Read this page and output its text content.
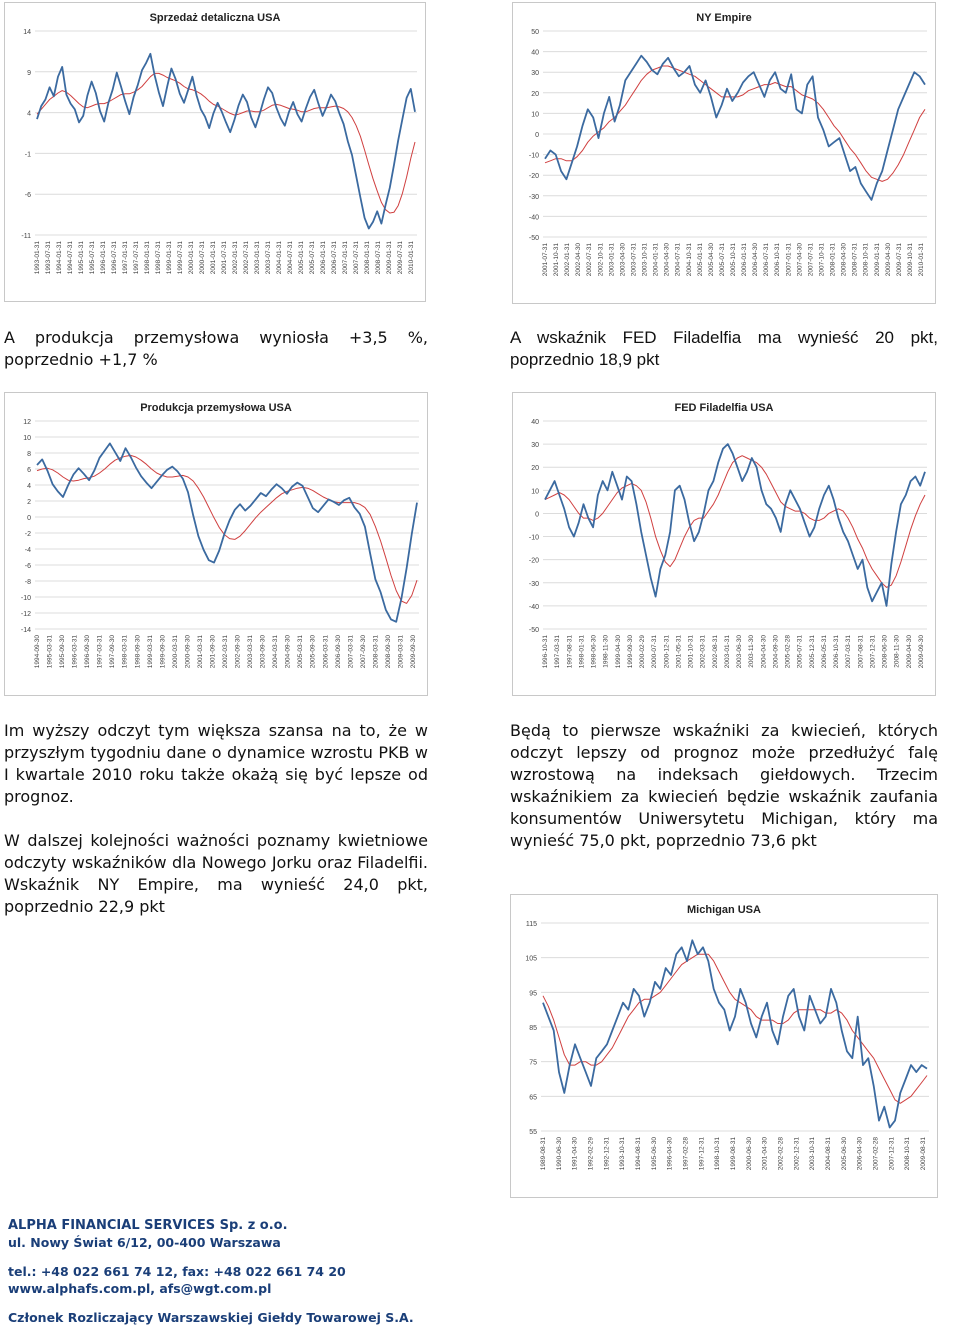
Sprzedaż detaliczna USA
14
9
4
-1
-6
-11
1993-01-31 1993-07-31 1994-01-31 1994-07-31 1995-01-31 1995-07-31 1996-01-31 1996-07-31 1997-01-31 1997-07-31 1998-01-31 1998-07-31 1999-01-31 1999-07-31 2000-01-31 2000-07-31 2001-01-31 2001-07-31 2002-01-31 2002-07-31 2003-01-31 2003-07-31 2004-01-31 2004-07-31 2005-01-31 2005-07-31 2006-01-31 2006-07-31 2007-01-31 2007-07-31 2008-01-31 2008-07-31 2009-01-31 2009-07-31 2010-01-31
NY Empire
50
40
30
20
10
0
-10
-20
-30
-40
-50
2001-07-31 2001-10-31 2002-01-31 2002-04-30 2002-07-31 2002-10-31 2003-01-31 2003-04-30 2003-07-31 2003-10-31 2004-01-31 2004-04-30 2004-07-31 2004-10-31 2005-01-31 2005-04-30 2005-07-31 2005-10-31 2006-01-31 2006-04-30 2006-07-31 2006-10-31 2007-01-31 2007-04-30 2007-07-31 2007-10-31 2008-01-31 2008-04-30 2008-07-31 2008-10-31 2009-01-31 2009-04-30 2009-07-31 2009-10-31 2010-01-31

A produkcja przemysłowa wyniosła +3,5 %, poprzednio +1,7 %

A wskaźnik FED Filadelfia ma wynieść 20 pkt, poprzednio 18,9 pkt

Produkcja przemysłowa USA
12
10
8
6
4
2
0
-2
-4
-6
-8
-10
-12
-14
1994-09-30 1995-03-31 1995-09-30 1996-03-31 1996-09-30 1997-03-31 1997-09-30 1998-03-31 1998-09-30 1999-03-31 1999-09-30 2000-03-31 2000-09-30 2001-03-31 2001-09-30 2002-03-31 2002-09-30 2003-03-31 2003-09-30 2004-03-31 2004-09-30 2005-03-31 2005-09-30 2006-03-31 2006-09-30 2007-03-31 2007-09-30 2008-03-31 2008-09-30 2009-03-31 2009-09-30
FED Filadelfia USA
40
30
20
10
0
-10
-20
-30
-40
-50
1996-10-31 1997-03-31 1997-08-31 1998-01-31 1998-06-30 1998-11-30 1999-04-30 1999-09-30 2000-02-29 2000-07-31 2000-12-31 2001-05-31 2001-10-31 2002-03-31 2002-08-31 2003-01-31 2003-06-30 2003-11-30 2004-04-30 2004-09-30 2005-02-28 2005-07-31 2005-12-31 2006-05-31 2006-10-31 2007-03-31 2007-08-31 2007-12-31 2008-06-30 2008-11-30 2009-04-30 2009-09-30

Im wyższy odczyt tym większa szansa na to, że w przyszłym tygodniu dane o dynamice wzrostu PKB w I kwartale 2010 roku także okażą się być lepsze od prognoz.

W dalszej kolejności ważności poznamy kwietniowe odczyty wskaźników dla Nowego Jorku oraz Filadelfii. Wskaźnik NY Empire, ma wynieść 24,0 pkt, poprzednio 22,9 pkt

Będą to pierwsze wskaźniki za kwiecień, których odczyt lepszy od prognoz może przedłużyć falę wzrostową na indeksach giełdowych. Trzecim wskaźnikiem za kwiecień będzie wskaźnik zaufania konsumentów Uniwersytetu Michigan, który ma wynieść 75,0 pkt, poprzednio 73,6 pkt

Michigan USA
115
105
95
85
75
65
55
1989-08-31 1990-06-30 1991-04-30 1992-02-29 1992-12-31 1993-10-31 1994-08-31 1995-06-30 1996-04-30 1997-02-28 1997-12-31 1998-10-31 1999-08-31 2000-06-30 2001-04-30 2002-02-28 2002-12-31 2003-10-31 2004-08-31 2005-06-30 2006-04-30 2007-02-28 2007-12-31 2008-10-31 2009-08-31
ALPHA FINANCIAL SERVICES Sp. z o.o.
ul. Nowy Świat 6/12, 00-400 Warszawa
tel.: +48 022 661 74 12, fax: +48 022 661 74 20
www.alphafs.com.pl, afs@wgt.com.pl
Członek Rozliczający Warszawskiej Giełdy Towarowej S.A.
